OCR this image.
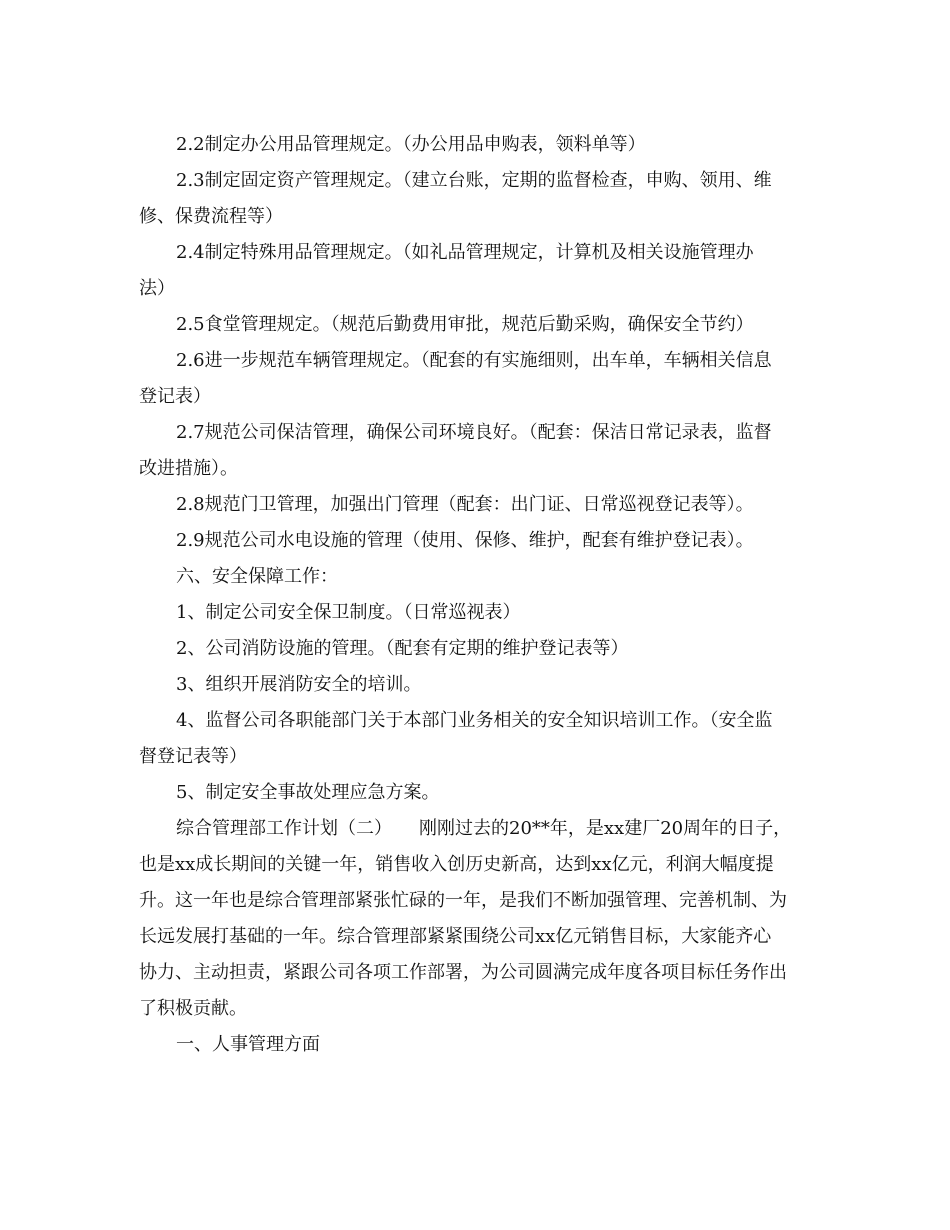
2.2制定办公用品管理规定。（办公用品申购表，领料单等）

2.3制定固定资产管理规定。（建立台账，定期的监督检查，申购、领用、维

修、保费流程等）

2.4制定特殊用品管理规定。（如礼品管理规定，计算机及相关设施管理办

法）

2.5食堂管理规定。（规范后勤费用审批，规范后勤采购，确保安全节约）

2.6进一步规范车辆管理规定。（配套的有实施细则，出车单，车辆相关信息

登记表）

2.7规范公司保洁管理，确保公司环境良好。（配套：保洁日常记录表，监督

改进措施）。

2.8规范门卫管理，加强出门管理（配套：出门证、日常巡视登记表等）。

2.9规范公司水电设施的管理（使用、保修、维护，配套有维护登记表）。

六、安全保障工作：

1、制定公司安全保卫制度。（日常巡视表）

2、公司消防设施的管理。（配套有定期的维护登记表等）

3、组织开展消防安全的培训。

4、监督公司各职能部门关于本部门业务相关的安全知识培训工作。（安全监

督登记表等）

5、制定安全事故处理应急方案。

综合管理部工作计划（二）　　刚刚过去的20**年，是xx建厂20周年的日子，

也是xx成长期间的关键一年，销售收入创历史新高，达到xx亿元，利润大幅度提

升。这一年也是综合管理部紧张忙碌的一年，是我们不断加强管理、完善机制、为

长远发展打基础的一年。综合管理部紧紧围绕公司xx亿元销售目标，大家能齐心

协力、主动担责，紧跟公司各项工作部署，为公司圆满完成年度各项目标任务作出

了积极贡献。

一、人事管理方面
